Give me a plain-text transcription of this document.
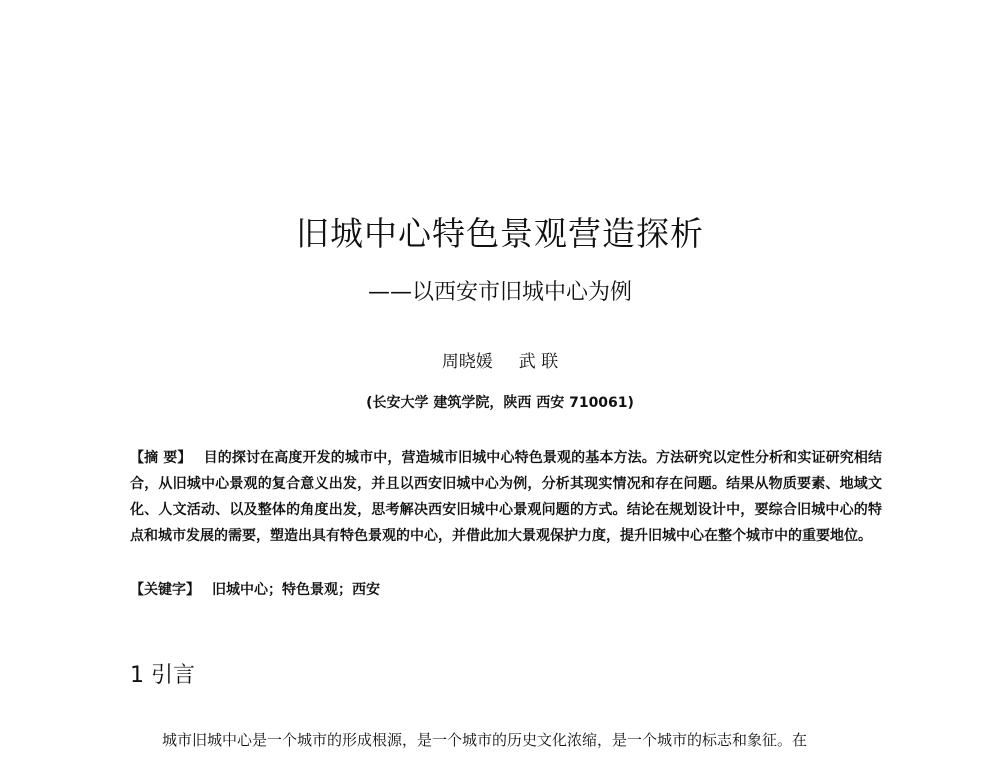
旧城中心特色景观营造探析
——以西安市旧城中心为例
周晓媛 武 联
(长安大学 建筑学院，陕西 西安 710061)
【摘 要】 目的探讨在高度开发的城市中，营造城市旧城中心特色景观的基本方法。方法研究以定性分析和实证研究相结合，从旧城中心景观的复合意义出发，并且以西安旧城中心为例，分析其现实情况和存在问题。结果从物质要素、地域文化、人文活动、以及整体的角度出发，思考解决西安旧城中心景观问题的方式。结论在规划设计中，要综合旧城中心的特点和城市发展的需要，塑造出具有特色景观的中心，并借此加大景观保护力度，提升旧城中心在整个城市中的重要地位。
【关键字】 旧城中心；特色景观；西安
1 引言
城市旧城中心是一个城市的形成根源，是一个城市的历史文化浓缩，是一个城市的标志和象征。在
